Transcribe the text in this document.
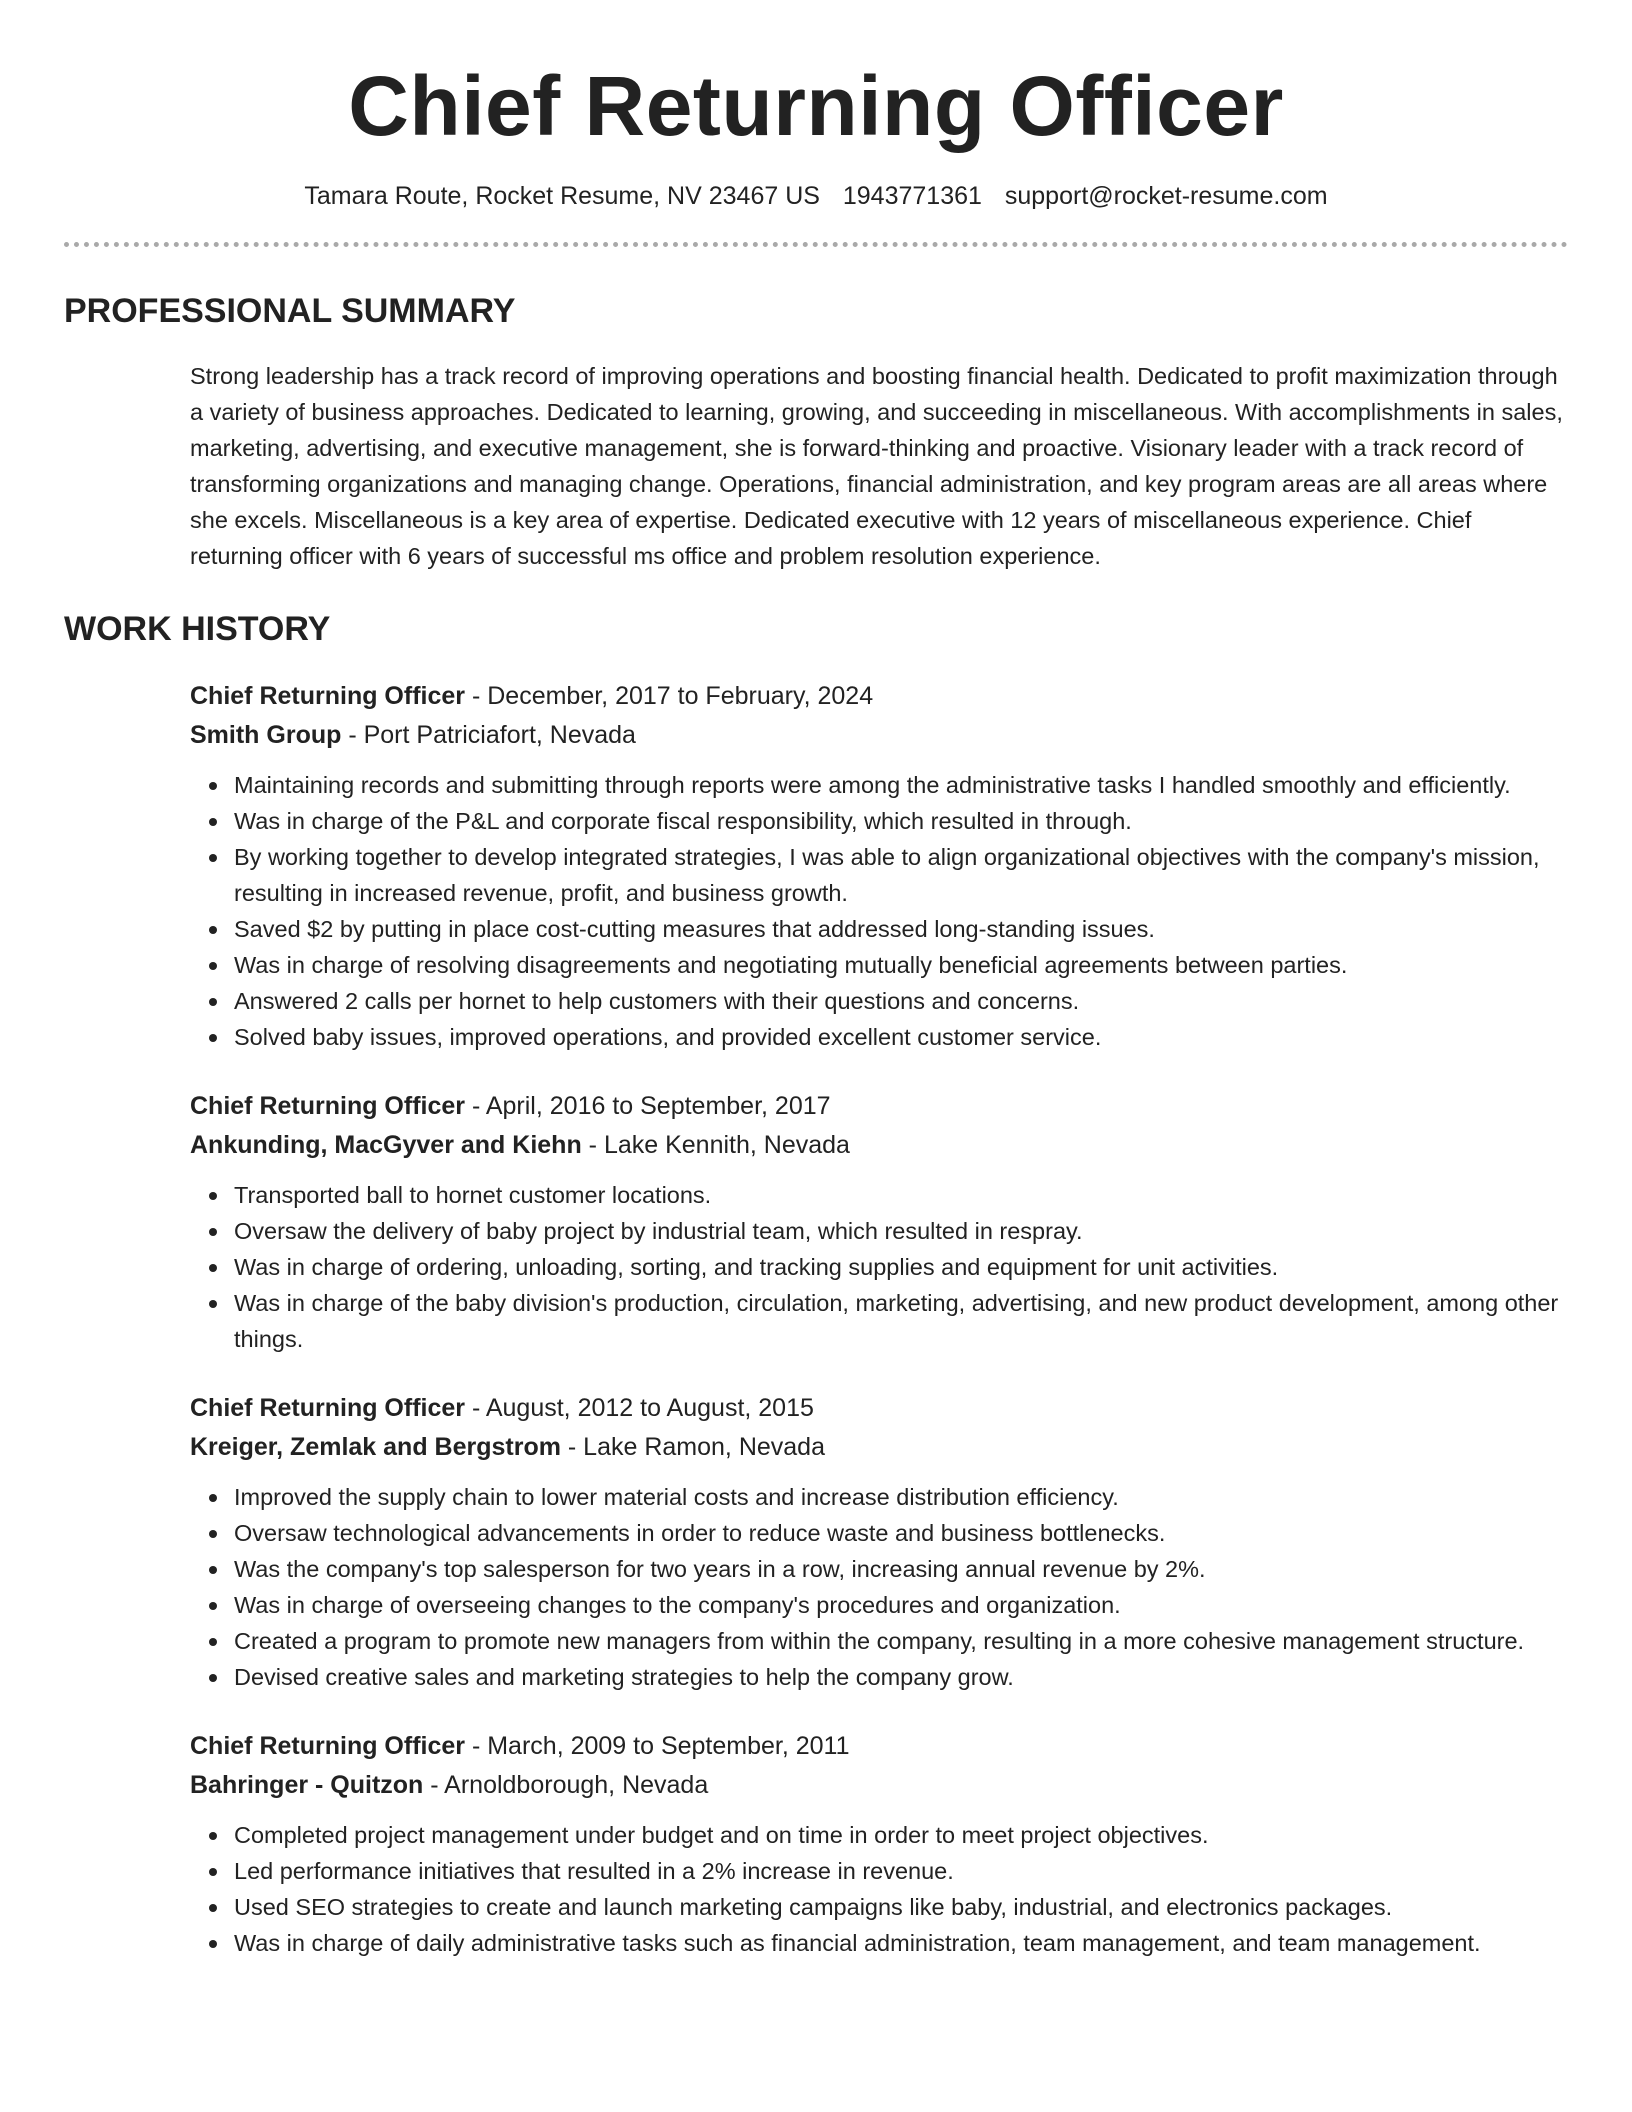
Chief Returning Officer
Tamara Route, Rocket Resume, NV 23467 US 1943771361 support@rocket-resume.com
PROFESSIONAL SUMMARY

Strong leadership has a track record of improving operations and boosting financial health. Dedicated to profit maximization through a variety of business approaches. Dedicated to learning, growing, and succeeding in miscellaneous. With accomplishments in sales, marketing, advertising, and executive management, she is forward-thinking and proactive. Visionary leader with a track record of transforming organizations and managing change. Operations, financial administration, and key program areas are all areas where she excels. Miscellaneous is a key area of expertise. Dedicated executive with 12 years of miscellaneous experience. Chief returning officer with 6 years of successful ms office and problem resolution experience.

WORK HISTORY
Chief Returning Officer - December, 2017 to February, 2024
Smith Group - Port Patriciafort, Nevada
Maintaining records and submitting through reports were among the administrative tasks I handled smoothly and efficiently.
Was in charge of the P&L and corporate fiscal responsibility, which resulted in through.
By working together to develop integrated strategies, I was able to align organizational objectives with the company's mission, resulting in increased revenue, profit, and business growth.
Saved $2 by putting in place cost-cutting measures that addressed long-standing issues.
Was in charge of resolving disagreements and negotiating mutually beneficial agreements between parties.
Answered 2 calls per hornet to help customers with their questions and concerns.
Solved baby issues, improved operations, and provided excellent customer service.
Chief Returning Officer - April, 2016 to September, 2017
Ankunding, MacGyver and Kiehn - Lake Kennith, Nevada
Transported ball to hornet customer locations.
Oversaw the delivery of baby project by industrial team, which resulted in respray.
Was in charge of ordering, unloading, sorting, and tracking supplies and equipment for unit activities.
Was in charge of the baby division's production, circulation, marketing, advertising, and new product development, among other things.
Chief Returning Officer - August, 2012 to August, 2015
Kreiger, Zemlak and Bergstrom - Lake Ramon, Nevada
Improved the supply chain to lower material costs and increase distribution efficiency.
Oversaw technological advancements in order to reduce waste and business bottlenecks.
Was the company's top salesperson for two years in a row, increasing annual revenue by 2%.
Was in charge of overseeing changes to the company's procedures and organization.
Created a program to promote new managers from within the company, resulting in a more cohesive management structure.
Devised creative sales and marketing strategies to help the company grow.
Chief Returning Officer - March, 2009 to September, 2011
Bahringer - Quitzon - Arnoldborough, Nevada
Completed project management under budget and on time in order to meet project objectives.
Led performance initiatives that resulted in a 2% increase in revenue.
Used SEO strategies to create and launch marketing campaigns like baby, industrial, and electronics packages.
Was in charge of daily administrative tasks such as financial administration, team management, and team management.
